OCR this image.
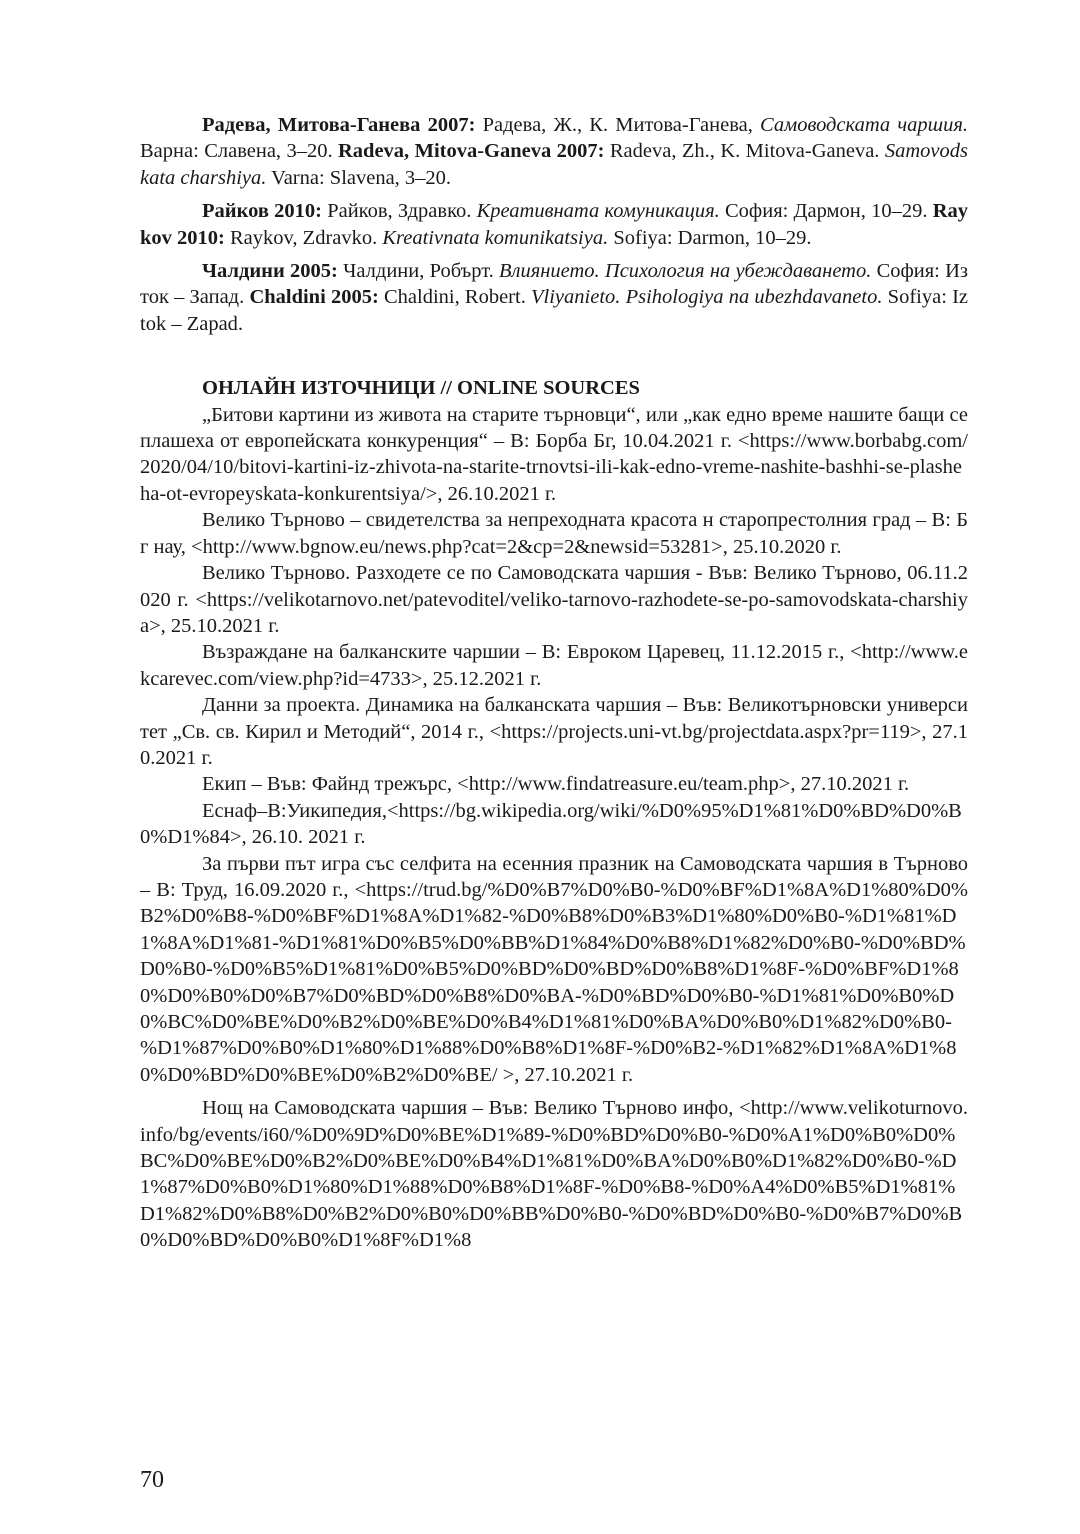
Радева, Митова-Ганева 2007: Радева, Ж., К. Митова-Ганева, Самоводската чаршия. Варна: Славена, 3–20. Radeva, Mitova-Ganeva 2007: Radeva, Zh., K. Mitova-Ganeva. Samovodskata charshiya. Varna: Slavena, 3–20.

Райков 2010: Райков, Здравко. Креативната комуникация. София: Дармон, 10–29. Raykov 2010: Raykov, Zdravko. Kreativnata komunikatsiya. Sofiya: Darmon, 10–29.

Чалдини 2005: Чалдини, Робърт. Влиянието. Психология на убеждаването. София: Изток – Запад. Chaldini 2005: Chaldini, Robert. Vliyanieto. Psihologiya na ubezhdavaneto. Sofiya: Iztok – Zapad.

ОНЛАЙН ИЗТОЧНИЦИ // ONLINE SOURCES

„Битови картини из живота на старите търновци“, или „как едно време нашите бащи се плашеха от европейската конкуренция“ – В: Борба Бг, 10.04.2021 г. <https://www.borbabg.com/2020/04/10/bitovi-kartini-iz-zhivota-na-starite-trnovtsi-ili-kak-edno-vreme-nashite-bashhi-se-plasheha-ot-evropeyskata-konkurentsiya/>, 26.10.2021 г.

Велико Търново – свидетелства за непреходната красота н старопрестолния град – В: Бг нау, <http://www.bgnow.eu/news.php?cat=2&cp=2&newsid=53281>, 25.10.2020 г.

Велико Търново. Разходете се по Самоводската чаршия - Във: Велико Търново, 06.11.2020 г. <https://velikotarnovo.net/patevoditel/veliko-tarnovo-razhodete-se-po-samovodskata-charshiya>, 25.10.2021 г.

Възраждане на балканските чаршии – В: Евроком Царевец, 11.12.2015 г., <http://www.ekcarevec.com/view.php?id=4733>, 25.12.2021 г.

Данни за проекта. Динамика на балканската чаршия – Във: Великотърновски университет „Св. св. Кирил и Методий“, 2014 г., <https://projects.uni-vt.bg/projectdata.aspx?pr=119>, 27.10.2021 г.

Екип – Във: Файнд трежърс, <http://www.findatreasure.eu/team.php>, 27.10.2021 г.

Еснаф–В:Уикипедия,<https://bg.wikipedia.org/wiki/%D0%95%D1%81%D0%BD%D0%B0%D1%84>, 26.10. 2021 г.

За първи път игра със селфита на есенния празник на Самоводската чаршия в Търново – В: Труд, 16.09.2020 г., <https://trud.bg/%D0%B7%D0%B0-%D0%BF%D1%8A%D1%80%D0%B2%D0%B8-%D0%BF%D1%8A%D1%82-%D0%B8%D0%B3%D1%80%D0%B0-%D1%81%D1%8A%D1%81-%D1%81%D0%B5%D0%BB%D1%84%D0%B8%D1%82%D0%B0-%D0%BD%D0%B0-%D0%B5%D1%81%D0%B5%D0%BD%D0%BD%D0%B8%D1%8F-%D0%BF%D1%80%D0%B0%D0%B7%D0%BD%D0%B8%D0%BA-%D0%BD%D0%B0-%D1%81%D0%B0%D0%BC%D0%BE%D0%B2%D0%BE%D0%B4%D1%81%D0%BA%D0%B0%D1%82%D0%B0-%D1%87%D0%B0%D1%80%D1%88%D0%B8%D1%8F-%D0%B2-%D1%82%D1%8A%D1%80%D0%BD%D0%BE%D0%B2%D0%BE/ >, 27.10.2021 г.

Нощ на Самоводската чаршия – Във: Велико Търново инфо, <http://www.velikoturnovo.info/bg/events/i60/%D0%9D%D0%BE%D1%89-%D0%BD%D0%B0-%D0%A1%D0%B0%D0%BC%D0%BE%D0%B2%D0%BE%D0%B4%D1%81%D0%BA%D0%B0%D1%82%D0%B0-%D1%87%D0%B0%D1%80%D1%88%D0%B8%D1%8F-%D0%B8-%D0%A4%D0%B5%D1%81%D1%82%D0%B8%D0%B2%D0%B0%D0%BB%D0%B0-%D0%BD%D0%B0-%D0%B7%D0%B0%D0%BD%D0%B0%D1%8F%D1%8

70
